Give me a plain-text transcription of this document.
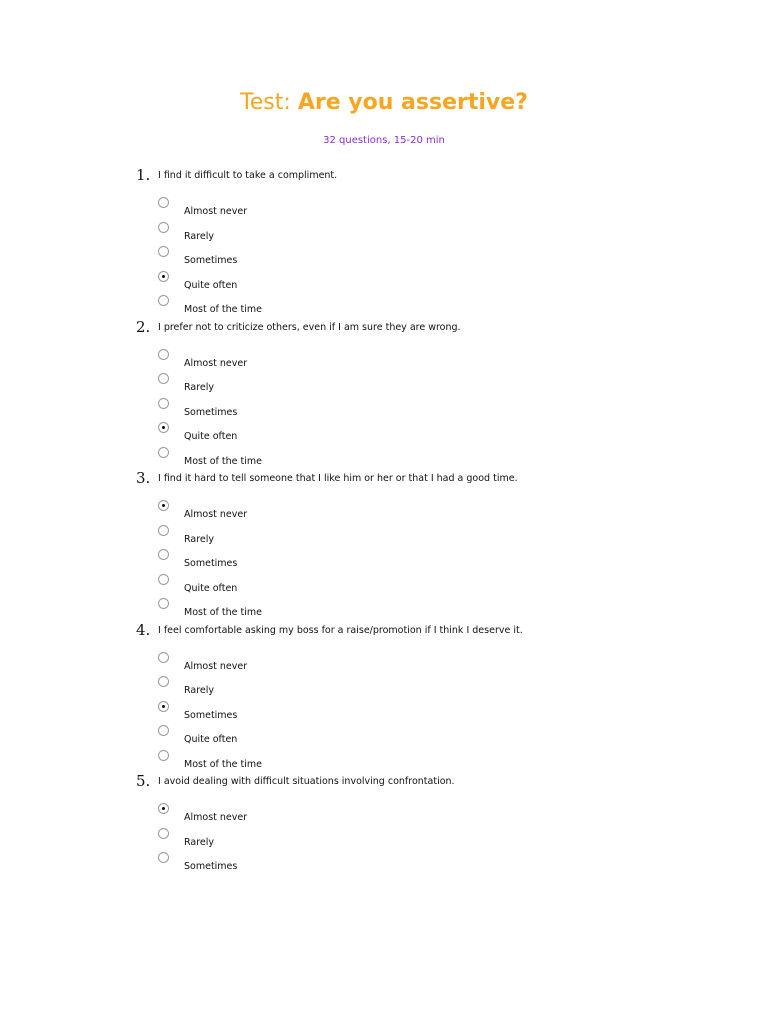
Test: Are you assertive?
32 questions, 15-20 min
1. I find it difficult to take a compliment.
Almost never
Rarely
Sometimes
Quite often
Most of the time
2. I prefer not to criticize others, even if I am sure they are wrong.
Almost never
Rarely
Sometimes
Quite often
Most of the time
3. I find it hard to tell someone that I like him or her or that I had a good time.
Almost never
Rarely
Sometimes
Quite often
Most of the time
4. I feel comfortable asking my boss for a raise/promotion if I think I deserve it.
Almost never
Rarely
Sometimes
Quite often
Most of the time
5. I avoid dealing with difficult situations involving confrontation.
Almost never
Rarely
Sometimes
